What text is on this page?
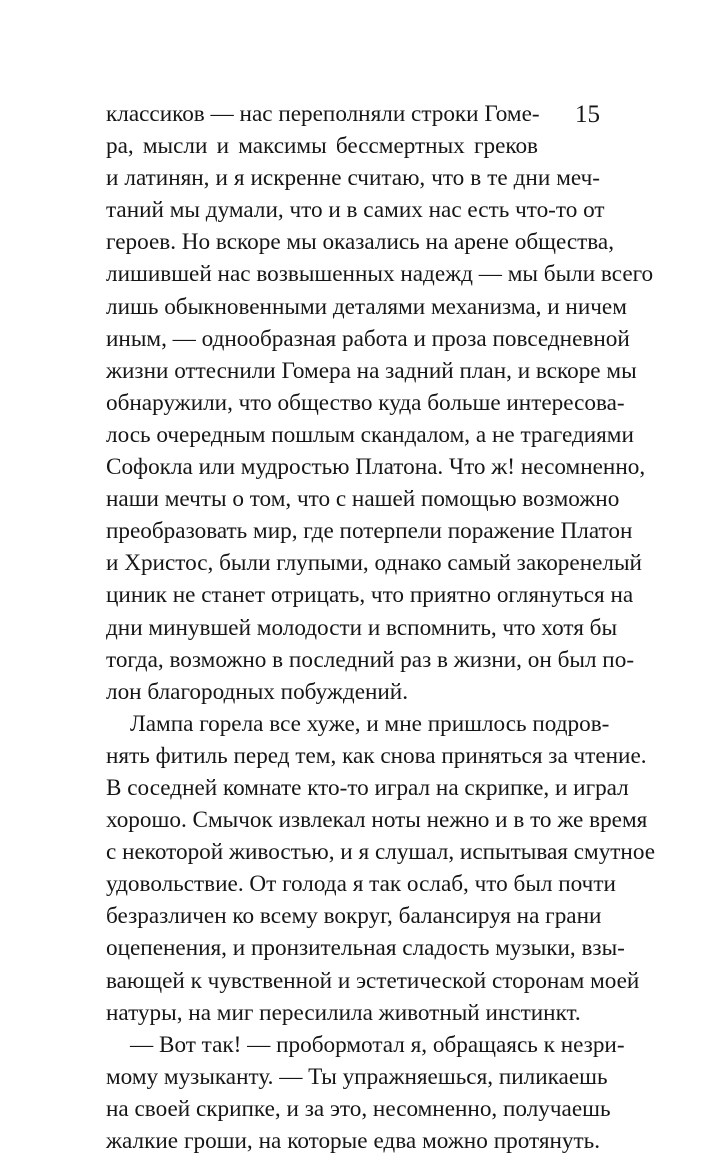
15
классиков — нас переполняли строки Гоме-
ра, мысли и максимы бессмертных греков
и латинян, и я искренне считаю, что в те дни меч-
таний мы думали, что и в самих нас есть что-то от
героев. Но вскоре мы оказались на арене общества,
лишившей нас возвышенных надежд — мы были всего
лишь обыкновенными деталями механизма, и ничем
иным, — однообразная работа и проза повседневной
жизни оттеснили Гомера на задний план, и вскоре мы
обнаружили, что общество куда больше интересова-
лось очередным пошлым скандалом, а не трагедиями
Софокла или мудростью Платона. Что ж! несомненно,
наши мечты о том, что с нашей помощью возможно
преобразовать мир, где потерпели поражение Платон
и Христос, были глупыми, однако самый закоренелый
циник не станет отрицать, что приятно оглянуться на
дни минувшей молодости и вспомнить, что хотя бы
тогда, возможно в последний раз в жизни, он был по-
лон благородных побуждений.
Лампа горела все хуже, и мне пришлось подров-
нять фитиль перед тем, как снова приняться за чтение.
В соседней комнате кто-то играл на скрипке, и играл
хорошо. Смычок извлекал ноты нежно и в то же время
с некоторой живостью, и я слушал, испытывая смутное
удовольствие. От голода я так ослаб, что был почти
безразличен ко всему вокруг, балансируя на грани
оцепенения, и пронзительная сладость музыки, взы-
вающей к чувственной и эстетической сторонам моей
натуры, на миг пересилила животный инстинкт.
— Вот так! — пробормотал я, обращаясь к незри-
мому музыканту. — Ты упражняешься, пиликаешь
на своей скрипке, и за это, несомненно, получаешь
жалкие гроши, на которые едва можно протянуть.
